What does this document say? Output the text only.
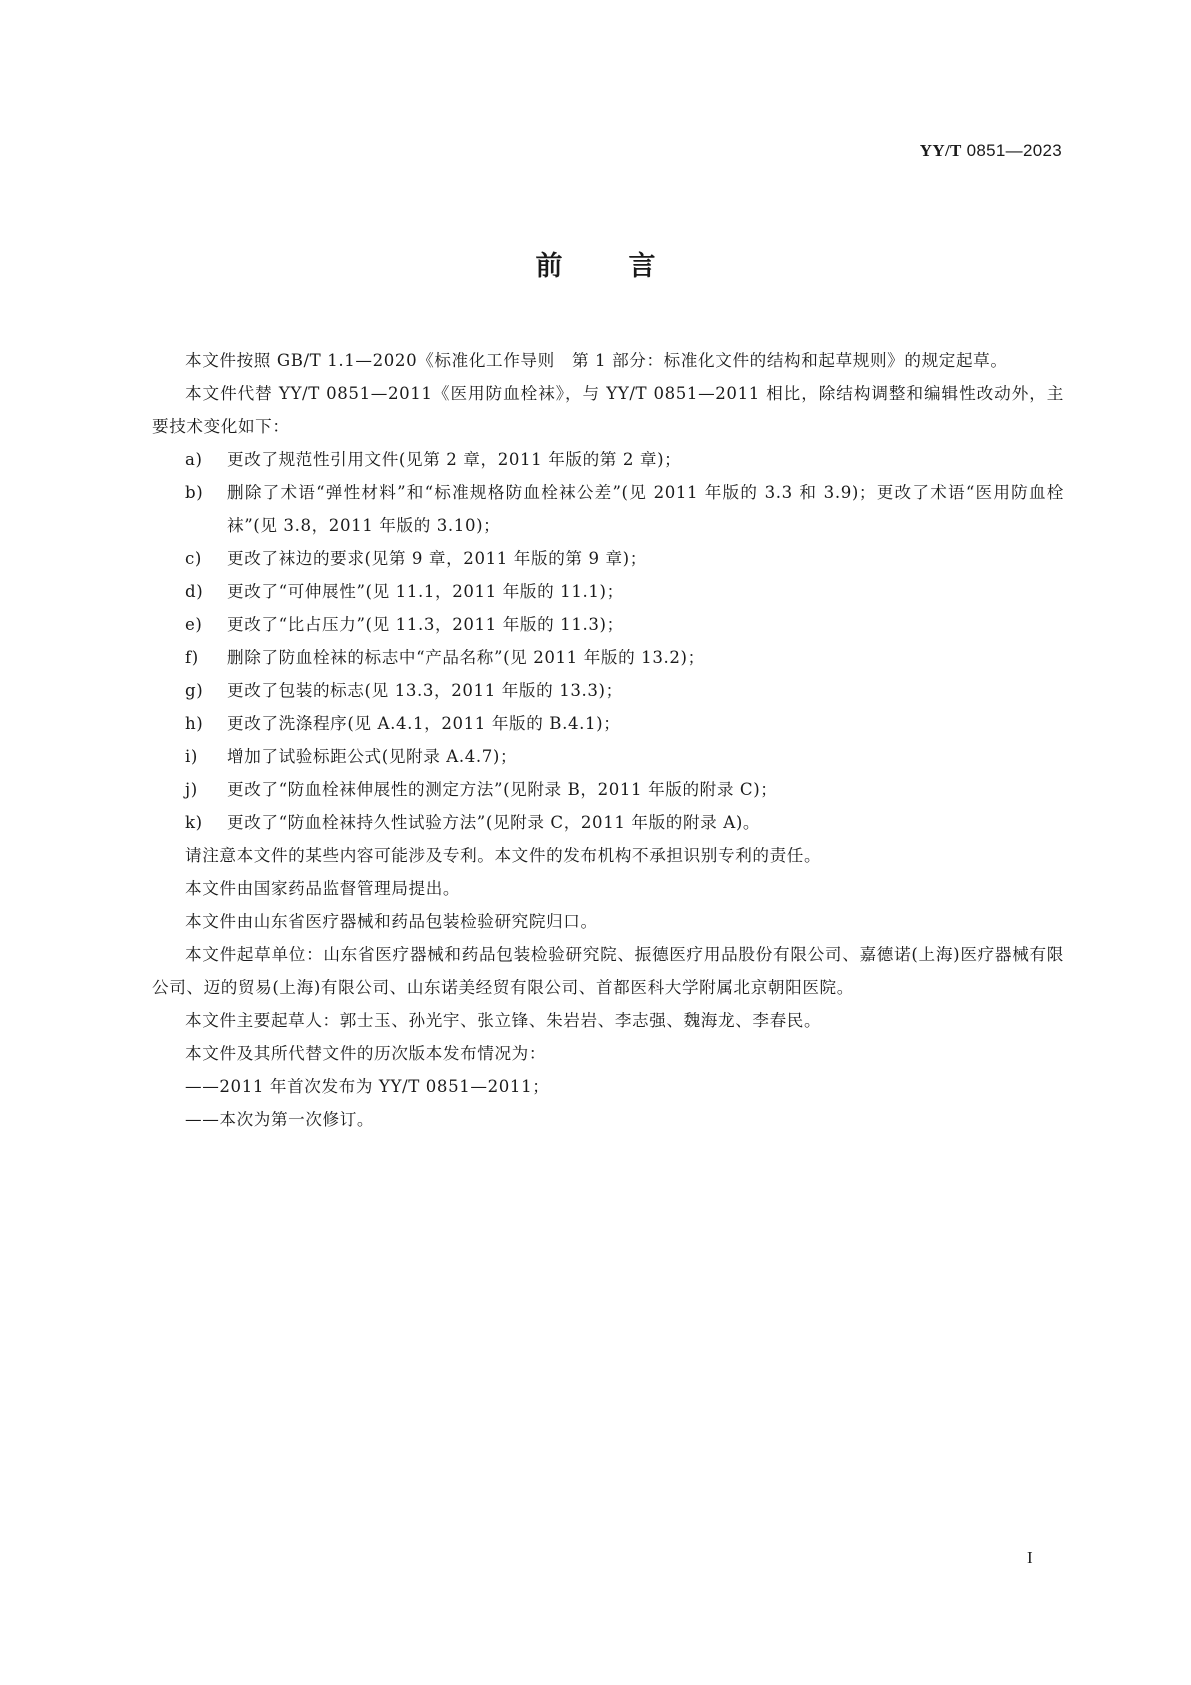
YY/T 0851—2023
前言

本文件按照 GB/T 1.1—2020《标准化工作导则　第 1 部分：标准化文件的结构和起草规则》的规定起草。

本文件代替 YY/T 0851—2011《医用防血栓袜》，与 YY/T 0851—2011 相比，除结构调整和编辑性改动外，主要技术变化如下：

a)	更改了规范性引用文件(见第 2 章，2011 年版的第 2 章)；
b)	删除了术语“弹性材料”和“标准规格防血栓袜公差”(见 2011 年版的 3.3 和 3.9)；更改了术语“医用防血栓袜”(见 3.8，2011 年版的 3.10)；
c)	更改了袜边的要求(见第 9 章，2011 年版的第 9 章)；
d)	更改了“可伸展性”(见 11.1，2011 年版的 11.1)；
e)	更改了“比占压力”(见 11.3，2011 年版的 11.3)；
f)	删除了防血栓袜的标志中“产品名称”(见 2011 年版的 13.2)；
g)	更改了包装的标志(见 13.3，2011 年版的 13.3)；
h)	更改了洗涤程序(见 A.4.1，2011 年版的 B.4.1)；
i)	增加了试验标距公式(见附录 A.4.7)；
j)	更改了“防血栓袜伸展性的测定方法”(见附录 B，2011 年版的附录 C)；
k)	更改了“防血栓袜持久性试验方法”(见附录 C，2011 年版的附录 A)。

请注意本文件的某些内容可能涉及专利。本文件的发布机构不承担识别专利的责任。

本文件由国家药品监督管理局提出。

本文件由山东省医疗器械和药品包装检验研究院归口。

本文件起草单位：山东省医疗器械和药品包装检验研究院、振德医疗用品股份有限公司、嘉德诺(上海)医疗器械有限公司、迈的贸易(上海)有限公司、山东诺美经贸有限公司、首都医科大学附属北京朝阳医院。

本文件主要起草人：郭士玉、孙光宇、张立锋、朱岩岩、李志强、魏海龙、李春民。

本文件及其所代替文件的历次版本发布情况为：

——2011 年首次发布为 YY/T 0851—2011；

——本次为第一次修订。

I
